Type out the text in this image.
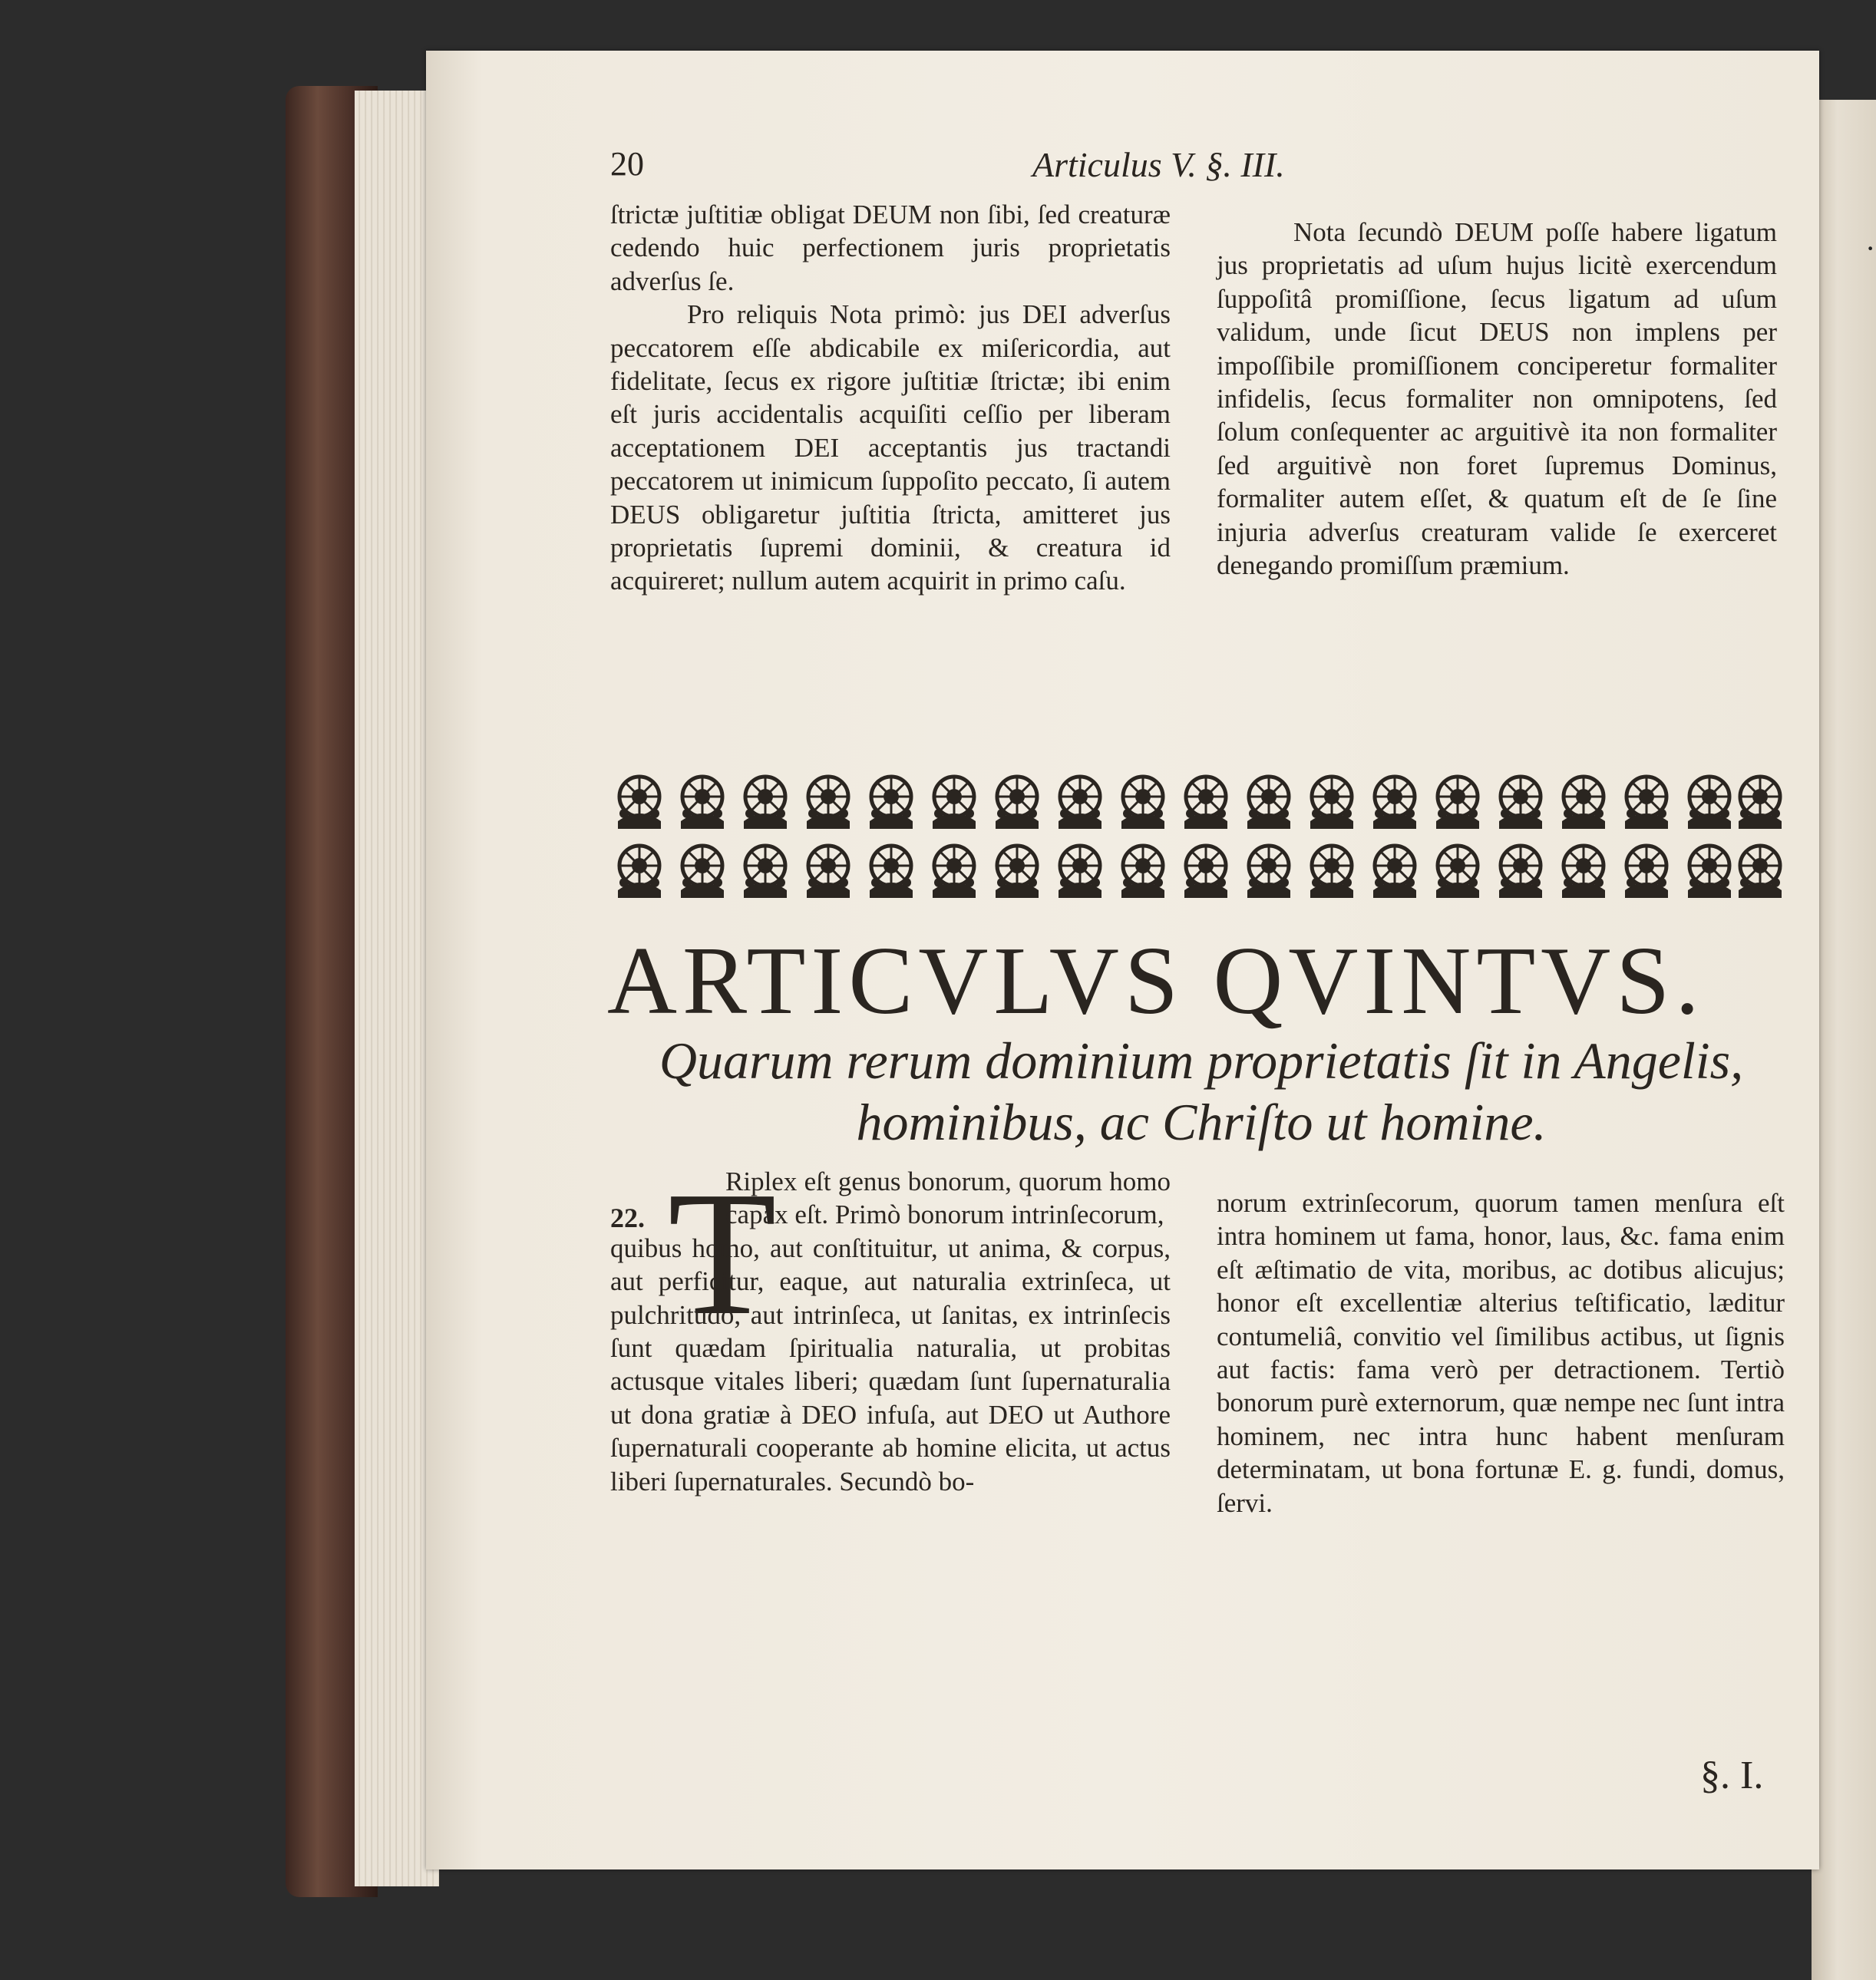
·
20	Articulus V. §. III.

ſtrictæ juſtitiæ obligat DEUM non ſibi, ſed creaturæ cedendo huic perfectionem juris proprietatis adverſus ſe.

Pro reliquis Nota primò: jus DEI adverſus peccatorem eſſe abdicabile ex miſericordia, aut fidelitate, ſecus ex rigore juſtitiæ ſtrictæ; ibi enim eſt juris accidentalis acquiſiti ceſſio per liberam acceptationem DEI acceptantis jus tractandi peccatorem ut inimicum ſuppoſito peccato, ſi autem DEUS obligaretur juſtitia ſtricta, amitteret jus proprietatis ſupremi dominii, & creatura id acquireret; nullum autem acquirit in primo caſu.

Nota ſecundò DEUM poſſe habere ligatum jus proprietatis ad uſum hujus licitè exercendum ſuppoſitâ promiſſione, ſecus ligatum ad uſum validum, unde ſicut DEUS non implens per impoſſibile promiſſionem conciperetur formaliter infidelis, ſecus formaliter non omnipotens, ſed ſolum conſequenter ac arguitivè ita non formaliter ſed arguitivè non foret ſupremus Dominus, formaliter autem eſſet, & quatum eſt de ſe ſine injuria adverſus creaturam valide ſe exerceret denegando promiſſum præmium.

ARTICVLVS QVINTVS.
Quarum rerum dominium proprietatis ſit in Angelis, hominibus, ac Chriſto ut homine.
22. T

Riplex eſt genus bonorum, quorum homo capax eſt. Primò bonorum intrinſecorum,

quibus homo, aut conſtituitur, ut anima, & corpus, aut perficitur, eaque, aut naturalia extrinſeca, ut pulchritudo, aut intrinſeca, ut ſanitas, ex intrinſecis ſunt quædam ſpiritualia naturalia, ut probitas actusque vitales liberi; quædam ſunt ſupernaturalia ut dona gratiæ à DEO infuſa, aut DEO ut Authore ſupernaturali cooperante ab homine elicita, ut actus liberi ſupernaturales. Secundò bo-

norum extrinſecorum, quorum tamen menſura eſt intra hominem ut fama, honor, laus, &c. fama enim eſt æſtimatio de vita, moribus, ac dotibus alicujus; honor eſt excellentiæ alterius teſtificatio, læditur contumeliâ, convitio vel ſimilibus actibus, ut ſignis aut factis: fama verò per detractionem. Tertiò bonorum purè externorum, quæ nempe nec ſunt intra hominem, nec intra hunc habent menſuram determinatam, ut bona fortunæ E. g. fundi, domus, ſervi.

§. I.
